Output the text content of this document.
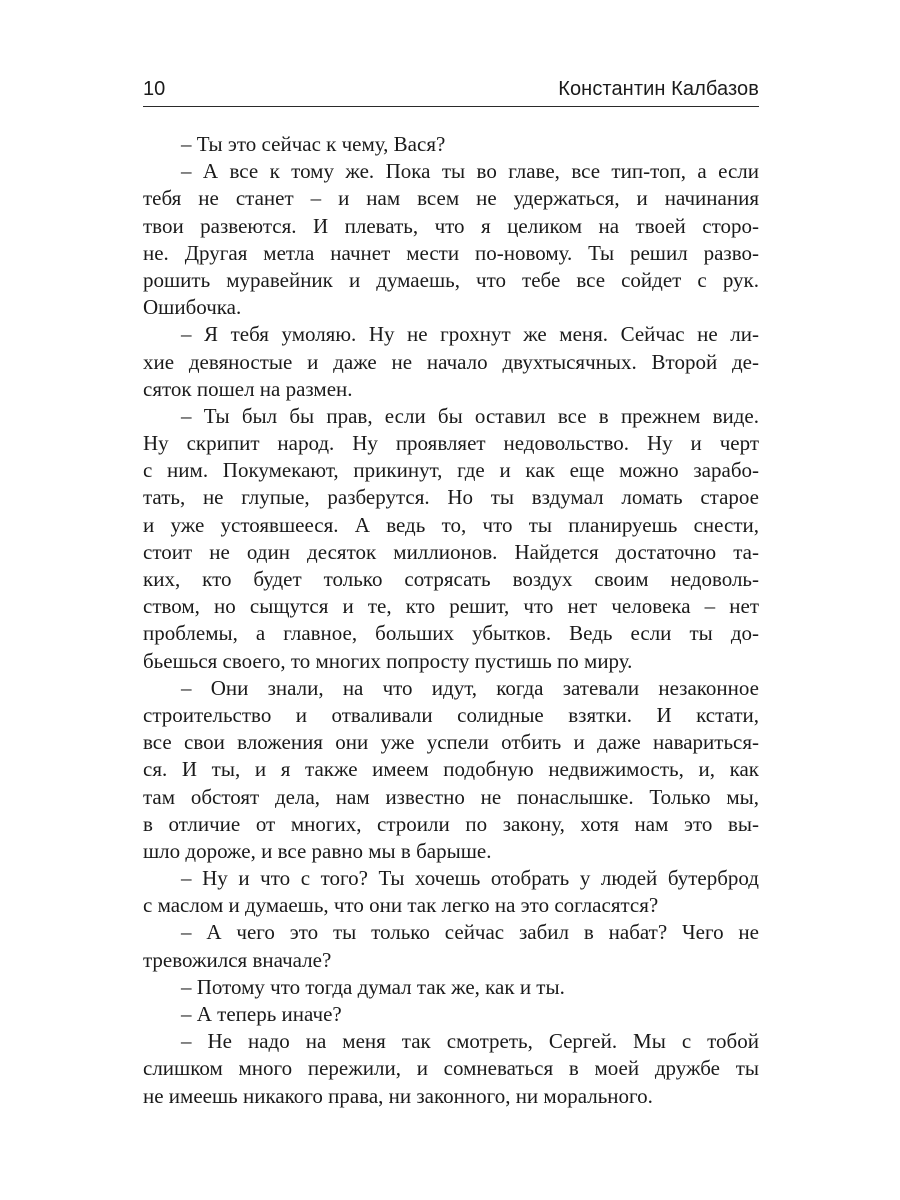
10	Константин Калбазов
– Ты это сейчас к чему, Вася?
– А все к тому же. Пока ты во главе, все тип-топ, а если
тебя не станет – и нам всем не удержаться, и начинания
твои развеются. И плевать, что я целиком на твоей сторо-
не. Другая метла начнет мести по-новому. Ты решил разво-
рошить муравейник и думаешь, что тебе все сойдет с рук.
Ошибочка.
– Я тебя умоляю. Ну не грохнут же меня. Сейчас не ли-
хие девяностые и даже не начало двухтысячных. Второй де-
сяток пошел на размен.
– Ты был бы прав, если бы оставил все в прежнем виде.
Ну скрипит народ. Ну проявляет недовольство. Ну и черт
с ним. Покумекают, прикинут, где и как еще можно зарабо-
тать, не глупые, разберутся. Но ты вздумал ломать старое
и уже устоявшееся. А ведь то, что ты планируешь снести,
стоит не один десяток миллионов. Найдется достаточно та-
ких, кто будет только сотрясать воздух своим недоволь-
ством, но сыщутся и те, кто решит, что нет человека – нет
проблемы, а главное, больших убытков. Ведь если ты до-
бьешься своего, то многих попросту пустишь по миру.
– Они знали, на что идут, когда затевали незаконное
строительство и отваливали солидные взятки. И кстати,
все свои вложения они уже успели отбить и даже навариться-
ся. И ты, и я также имеем подобную недвижимость, и, как
там обстоят дела, нам известно не понаслышке. Только мы,
в отличие от многих, строили по закону, хотя нам это вы-
шло дороже, и все равно мы в барыше.
– Ну и что с того? Ты хочешь отобрать у людей бутерброд
с маслом и думаешь, что они так легко на это согласятся?
– А чего это ты только сейчас забил в набат? Чего не
тревожился вначале?
– Потому что тогда думал так же, как и ты.
– А теперь иначе?
– Не надо на меня так смотреть, Сергей. Мы с тобой
слишком много пережили, и сомневаться в моей дружбе ты
не имеешь никакого права, ни законного, ни морального.
